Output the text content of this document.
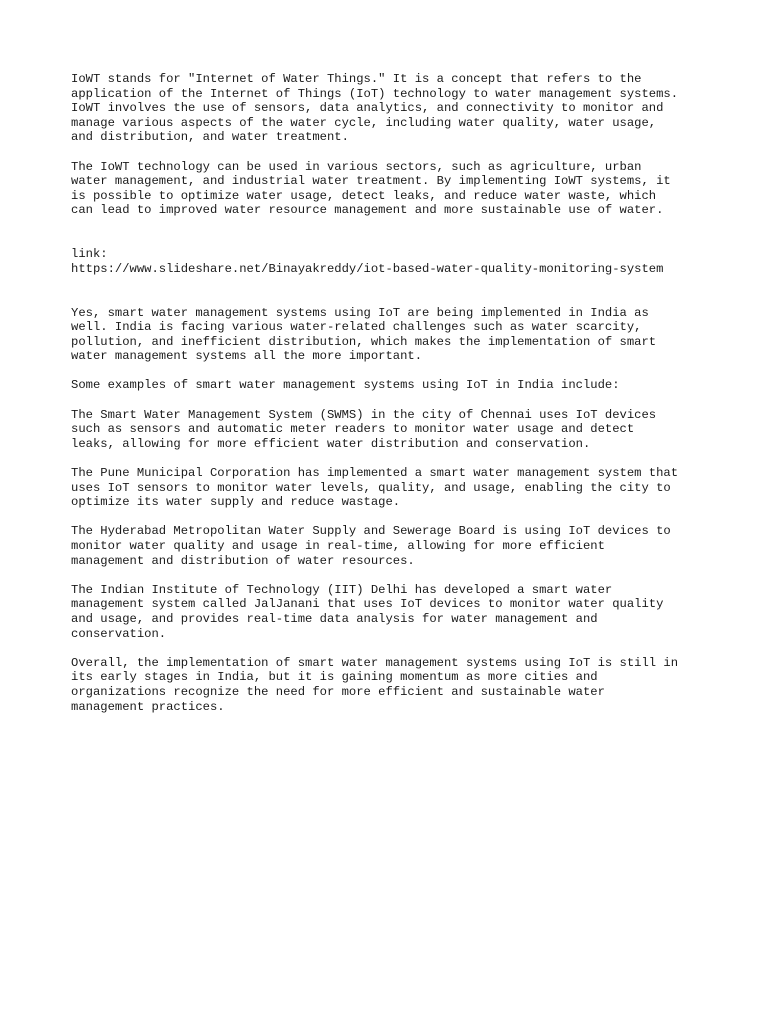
IoWT stands for "Internet of Water Things." It is a concept that refers to the
application of the Internet of Things (IoT) technology to water management systems.
IoWT involves the use of sensors, data analytics, and connectivity to monitor and
manage various aspects of the water cycle, including water quality, water usage,
and distribution, and water treatment.

The IoWT technology can be used in various sectors, such as agriculture, urban
water management, and industrial water treatment. By implementing IoWT systems, it
is possible to optimize water usage, detect leaks, and reduce water waste, which
can lead to improved water resource management and more sustainable use of water.

link:
https://www.slideshare.net/Binayakreddy/iot-based-water-quality-monitoring-system

Yes, smart water management systems using IoT are being implemented in India as
well. India is facing various water-related challenges such as water scarcity,
pollution, and inefficient distribution, which makes the implementation of smart
water management systems all the more important.

Some examples of smart water management systems using IoT in India include:

The Smart Water Management System (SWMS) in the city of Chennai uses IoT devices
such as sensors and automatic meter readers to monitor water usage and detect
leaks, allowing for more efficient water distribution and conservation.

The Pune Municipal Corporation has implemented a smart water management system that
uses IoT sensors to monitor water levels, quality, and usage, enabling the city to
optimize its water supply and reduce wastage.

The Hyderabad Metropolitan Water Supply and Sewerage Board is using IoT devices to
monitor water quality and usage in real-time, allowing for more efficient
management and distribution of water resources.

The Indian Institute of Technology (IIT) Delhi has developed a smart water
management system called JalJanani that uses IoT devices to monitor water quality
and usage, and provides real-time data analysis for water management and
conservation.

Overall, the implementation of smart water management systems using IoT is still in
its early stages in India, but it is gaining momentum as more cities and
organizations recognize the need for more efficient and sustainable water
management practices.
